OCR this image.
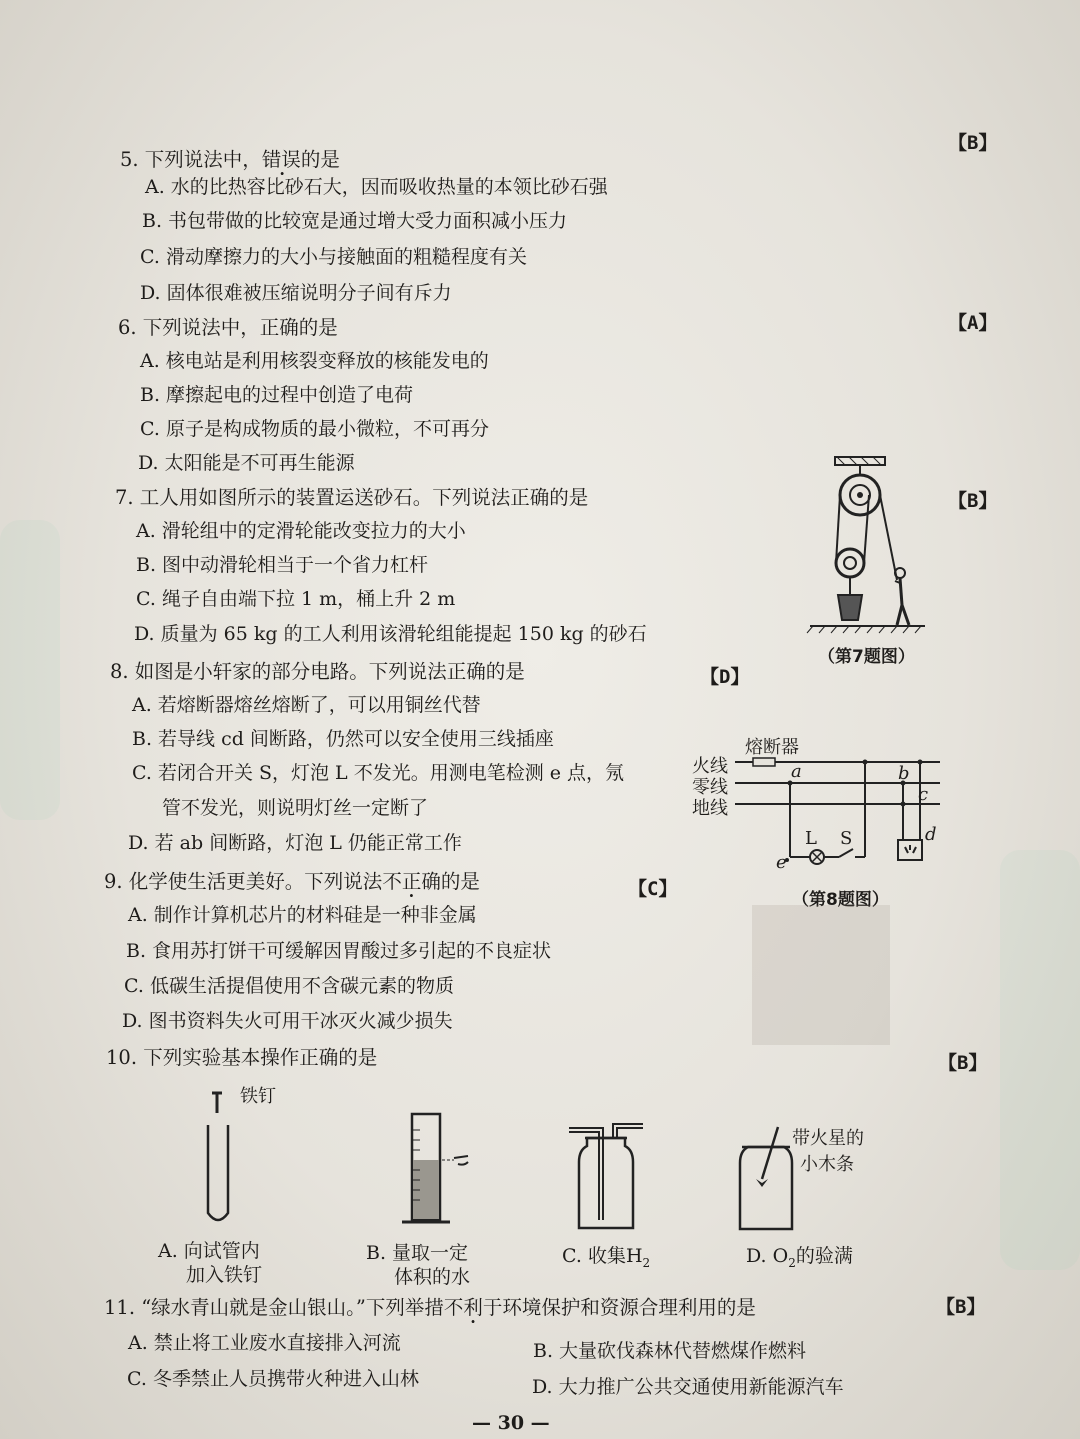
【B】
5. 下列说法中，错误的是
A. 水的比热容比砂石大，因而吸收热量的本领比砂石强
B. 书包带做的比较宽是通过增大受力面积减小压力
C. 滑动摩擦力的大小与接触面的粗糙程度有关
D. 固体很难被压缩说明分子间有斥力
【A】
6. 下列说法中，正确的是
A. 核电站是利用核裂变释放的核能发电的
B. 摩擦起电的过程中创造了电荷
C. 原子是构成物质的最小微粒，不可再分
D. 太阳能是不可再生能源
【B】
7. 工人用如图所示的装置运送砂石。下列说法正确的是
A. 滑轮组中的定滑轮能改变拉力的大小
B. 图中动滑轮相当于一个省力杠杆
C. 绳子自由端下拉 1 m，桶上升 2 m
D. 质量为 65 kg 的工人利用该滑轮组能提起 150 kg 的砂石
（第7题图）
8. 如图是小轩家的部分电路。下列说法正确的是	【D】
A. 若熔断器熔丝熔断了，可以用铜丝代替
B. 若导线 cd 间断路，仍然可以安全使用三线插座
C. 若闭合开关 S，灯泡 L 不发光。用测电笔检测 e 点，氖
管不发光，则说明灯丝一定断了
D. 若 ab 间断路，灯泡 L 仍能正常工作
熔断器
火线
零线
地线
a	b
c
d
e
L S
（第8题图）
9. 化学使生活更美好。下列说法不正确的是	【C】
A. 制作计算机芯片的材料硅是一种非金属
B. 食用苏打饼干可缓解因胃酸过多引起的不良症状
C. 低碳生活提倡使用不含碳元素的物质
D. 图书资料失火可用干冰灭火减少损失
10. 下列实验基本操作正确的是	【B】
铁钉
A. 向试管内
加入铁钉
B. 量取一定
体积的水
C. 收集$H_2$
带火星的
小木条
D. $O_2$的验满
11. “绿水青山就是金山银山。”下列举措不利于环境保护和资源合理利用的是	【B】
A. 禁止将工业废水直接排入河流	B. 大量砍伐森林代替燃煤作燃料
C. 冬季禁止人员携带火种进入山林	D. 大力推广公共交通使用新能源汽车
— 30 —
